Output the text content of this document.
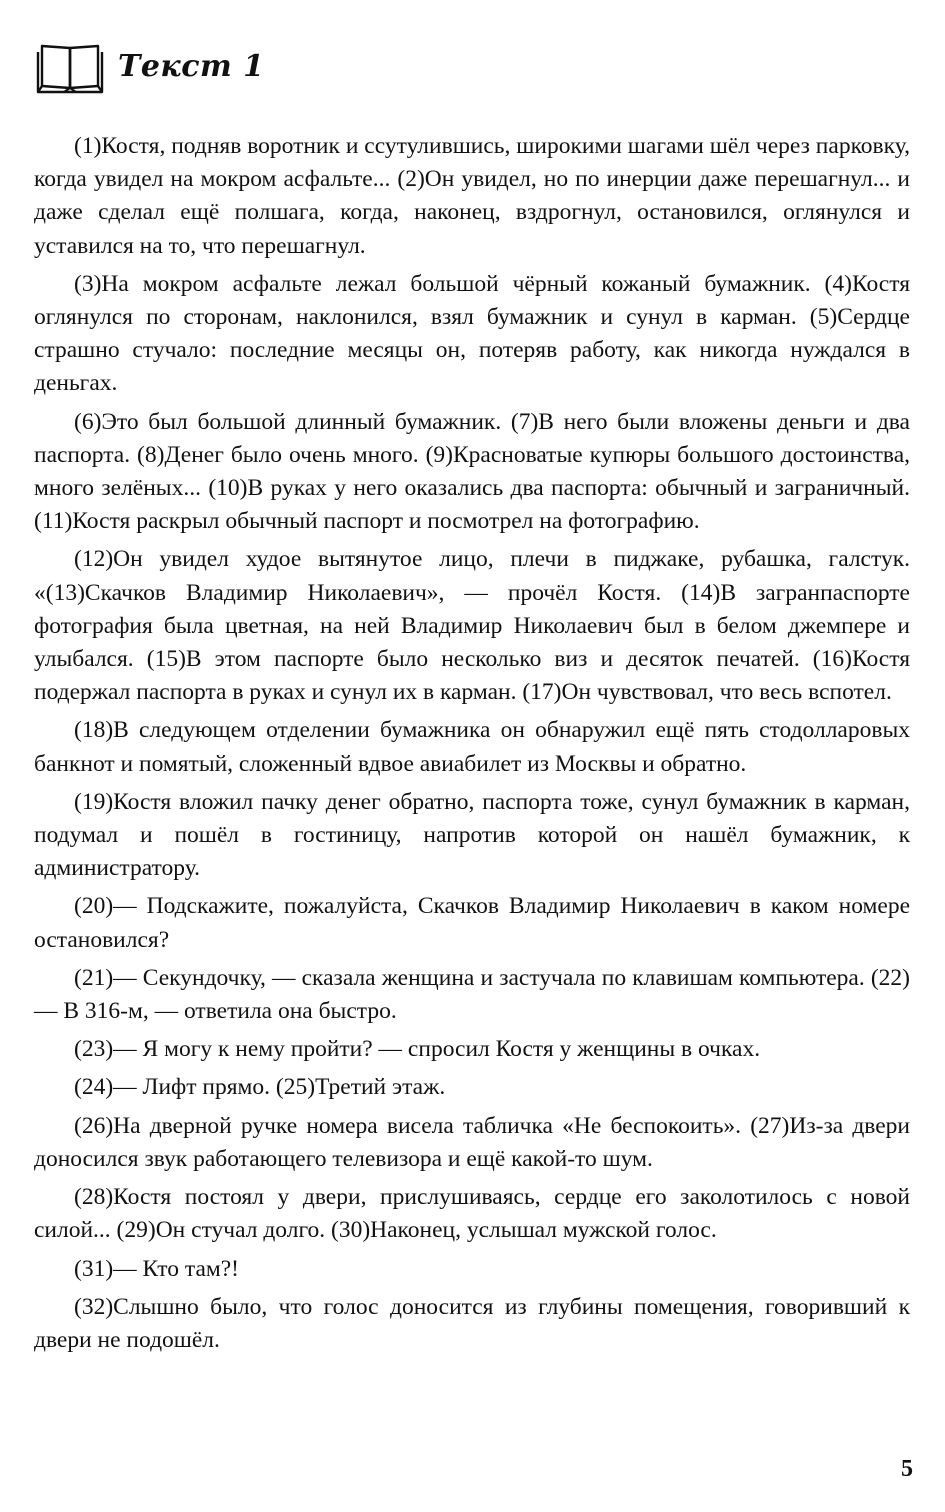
Текст 1

(1)Костя, подняв воротник и ссутулившись, широкими шагами шёл через парковку, когда увидел на мокром асфальте... (2)Он увидел, но по инерции даже перешагнул... и даже сделал ещё полшага, когда, наконец, вздрогнул, остановился, оглянулся и уставился на то, что перешагнул.

(3)На мокром асфальте лежал большой чёрный кожаный бумажник. (4)Костя оглянулся по сторонам, наклонился, взял бумажник и сунул в карман. (5)Сердце страшно стучало: последние месяцы он, потеряв работу, как никогда нуждался в деньгах.

(6)Это был большой длинный бумажник. (7)В него были вложены деньги и два паспорта. (8)Денег было очень много. (9)Красноватые купюры большого достоинства, много зелёных... (10)В руках у него оказались два паспорта: обычный и заграничный. (11)Костя раскрыл обычный паспорт и посмотрел на фотографию.

(12)Он увидел худое вытянутое лицо, плечи в пиджаке, рубашка, галстук. «(13)Скачков Владимир Николаевич», — прочёл Костя. (14)В загранпаспорте фотография была цветная, на ней Владимир Николаевич был в белом джемпере и улыбался. (15)В этом паспорте было несколько виз и десяток печатей. (16)Костя подержал паспорта в руках и сунул их в карман. (17)Он чувствовал, что весь вспотел.

(18)В следующем отделении бумажника он обнаружил ещё пять стодолларовых банкнот и помятый, сложенный вдвое авиабилет из Москвы и обратно.

(19)Костя вложил пачку денег обратно, паспорта тоже, сунул бумажник в карман, подумал и пошёл в гостиницу, напротив которой он нашёл бумажник, к администратору.

(20)— Подскажите, пожалуйста, Скачков Владимир Николаевич в каком номере остановился?

(21)— Секундочку, — сказала женщина и застучала по клавишам компьютера. (22)— В 316-м, — ответила она быстро.

(23)— Я могу к нему пройти? — спросил Костя у женщины в очках.

(24)— Лифт прямо. (25)Третий этаж.

(26)На дверной ручке номера висела табличка «Не беспокоить». (27)Из-за двери доносился звук работающего телевизора и ещё какой-то шум.

(28)Костя постоял у двери, прислушиваясь, сердце его заколотилось с новой силой... (29)Он стучал долго. (30)Наконец, услышал мужской голос.

(31)— Кто там?!

(32)Слышно было, что голос доносится из глубины помещения, говоривший к двери не подошёл.

5
